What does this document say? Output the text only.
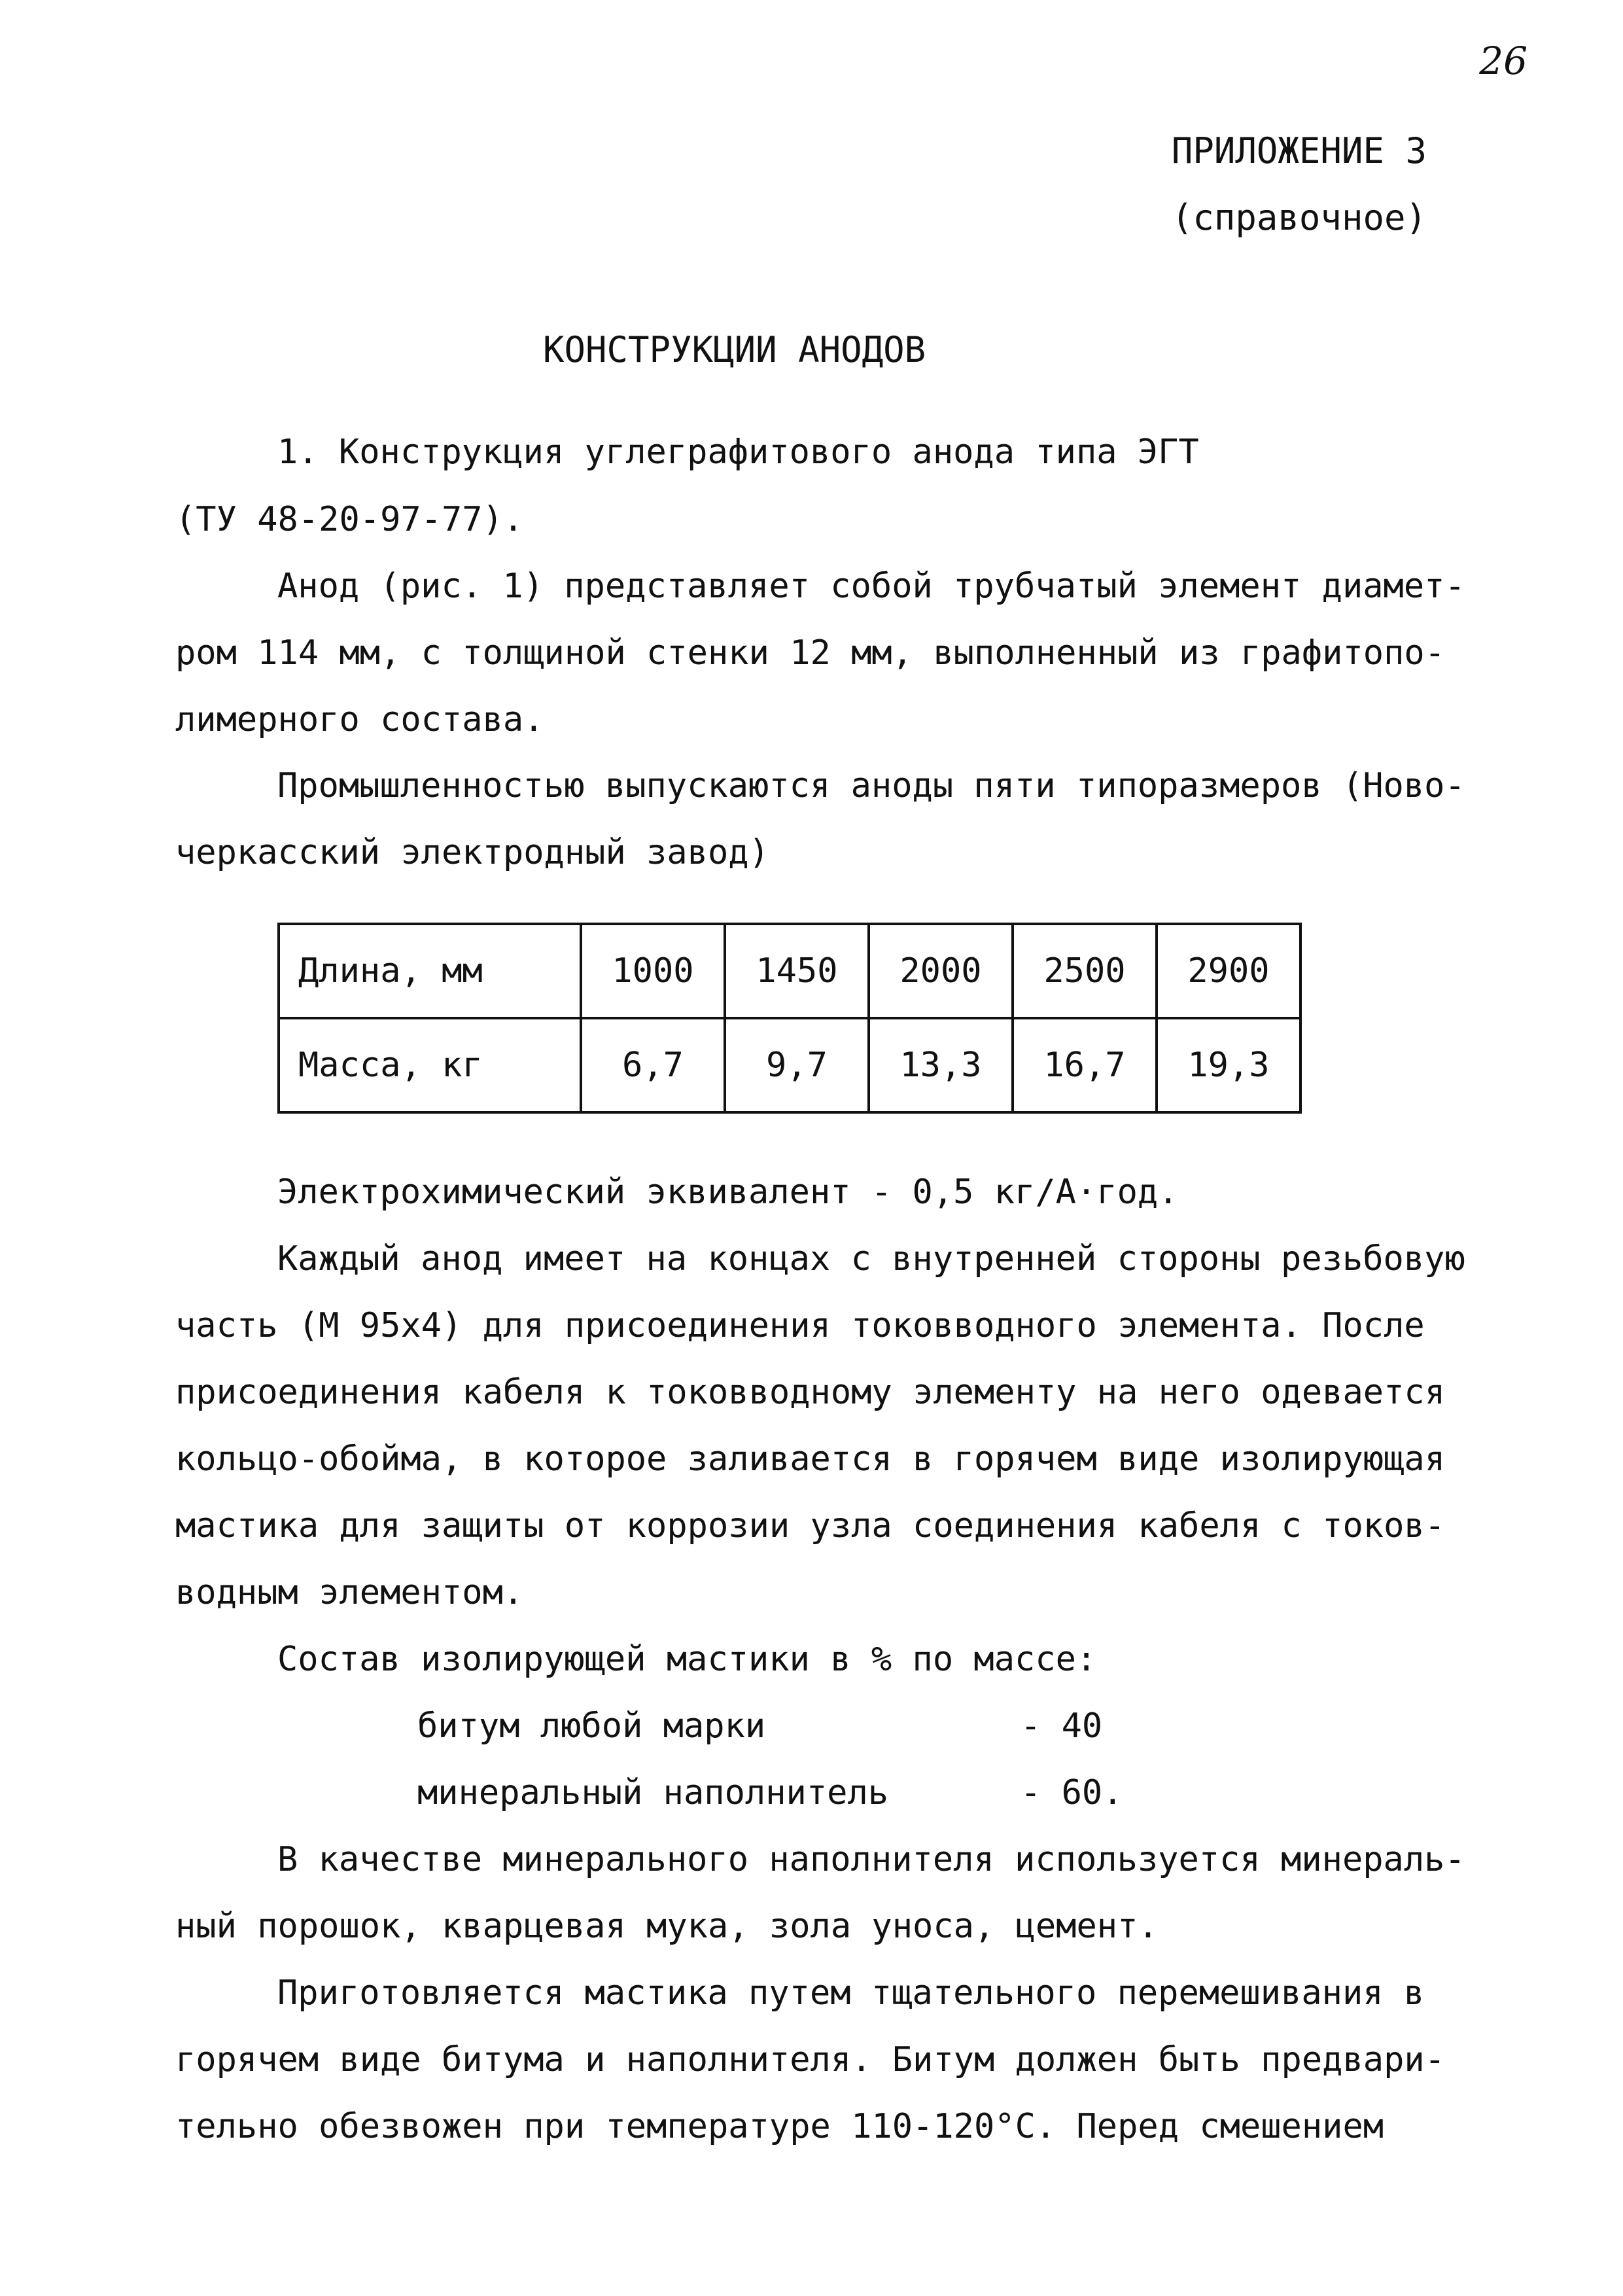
26
ПРИЛОЖЕНИЕ 3
(справочное)
КОНСТРУКЦИИ АНОДОВ
1. Конструкция углеграфитового анода типа ЭГТ
(ТУ 48-20-97-77).
Анод (рис. 1) представляет собой трубчатый элемент диамет-
ром 114 мм, с толщиной стенки 12 мм, выполненный из графитопо-
лимерного состава.
Промышленностью выпускаются аноды пяти типоразмеров (Ново-
черкасский электродный завод)
Длина, мм	1000	1450	2000	2500	2900
Масса, кг	6,7	9,7	13,3	16,7	19,3
Электрохимический эквивалент - 0,5 кг/А·год.
Каждый анод имеет на концах с внутренней стороны резьбовую
часть (М 95х4) для присоединения токовводного элемента. После
присоединения кабеля к токовводному элементу на него одевается
кольцо-обойма, в которое заливается в горячем виде изолирующая
мастика для защиты от коррозии узла соединения кабеля с токов-
водным элементом.
Состав изолирующей мастики в % по массе:
битум любой марки	- 40
минеральный наполнитель	- 60.
В качестве минерального наполнителя используется минераль-
ный порошок, кварцевая мука, зола уноса, цемент.
Приготовляется мастика путем тщательного перемешивания в
горячем виде битума и наполнителя. Битум должен быть предвари-
тельно обезвожен при температуре 110-120°С. Перед смешением
